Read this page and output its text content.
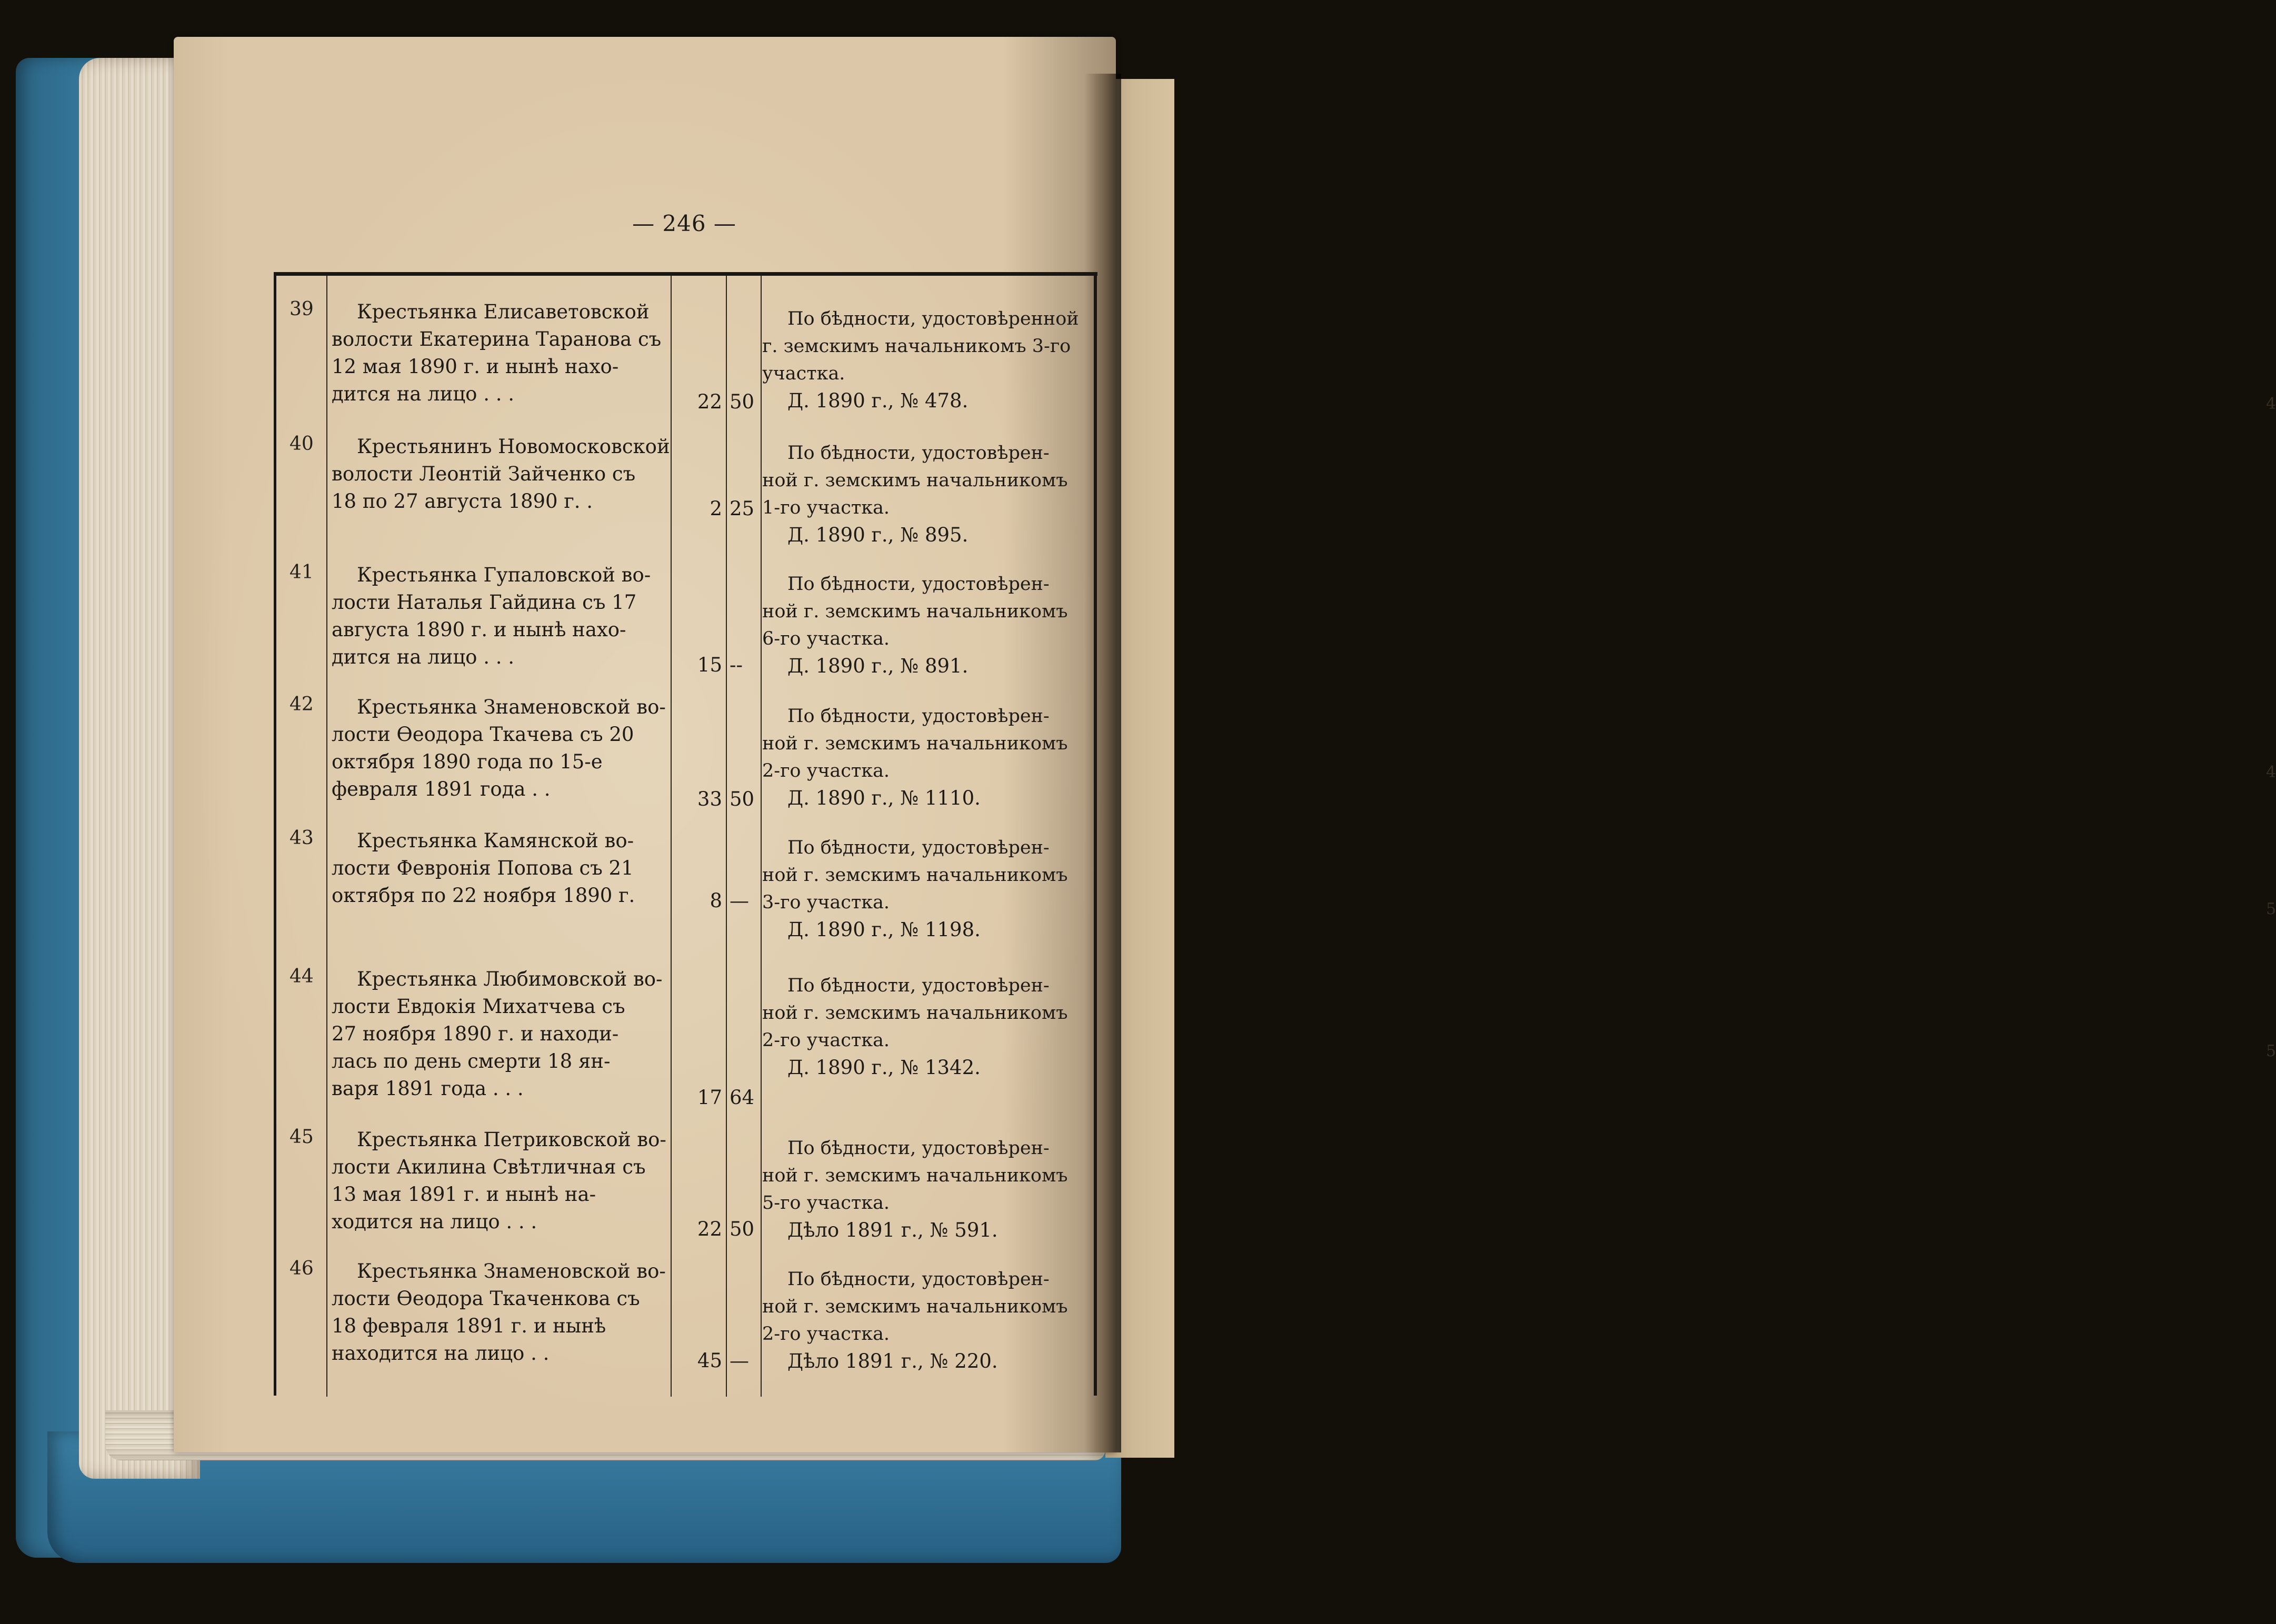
4
4
5
5
— 246 —
39	Крестьянка Елисаветовской
волости Екатерина Таранова съ
12 мая 1890 г. и нынѣ нахо-
дится на лицо . . .	22 50
По бѣдности, удостовѣренной
г. земскимъ начальникомъ 3-го
участка.
Д. 1890 г., № 478.
40	Крестьянинъ Новомосковской
волости Леонтій Зайченко съ
18 по 27 августа 1890 г. .	2 25
По бѣдности, удостовѣрен-
ной г. земскимъ начальникомъ
1-го участка.
Д. 1890 г., № 895.
41	Крестьянка Гупаловской во-
лости Наталья Гайдина съ 17
августа 1890 г. и нынѣ нахо-
дится на лицо . . .	15 --
По бѣдности, удостовѣрен-
ной г. земскимъ начальникомъ
6-го участка.
Д. 1890 г., № 891.
42	Крестьянка Знаменовской во-
лости Өеодора Ткачева съ 20
октября 1890 года по 15-е
февраля 1891 года . .	33 50
По бѣдности, удостовѣрен-
ной г. земскимъ начальникомъ
2-го участка.
Д. 1890 г., № 1110.
43	Крестьянка Камянской во-
лости Февронія Попова съ 21
октября по 22 ноября 1890 г.	8 —
По бѣдности, удостовѣрен-
ной г. земскимъ начальникомъ
3-го участка.
Д. 1890 г., № 1198.
44	Крестьянка Любимовской во-
лости Евдокія Михатчева съ
27 ноября 1890 г. и находи-
лась по день смерти 18 ян-
варя 1891 года . . .	17 64
По бѣдности, удостовѣрен-
ной г. земскимъ начальникомъ
2-го участка.
Д. 1890 г., № 1342.
45	Крестьянка Петриковской во-
лости Акилина Свѣтличная съ
13 мая 1891 г. и нынѣ на-
ходится на лицо . . .	22 50
По бѣдности, удостовѣрен-
ной г. земскимъ начальникомъ
5-го участка.
Дѣло 1891 г., № 591.
46	Крестьянка Знаменовской во-
лости Өеодора Ткаченкова съ
18 февраля 1891 г. и нынѣ
находится на лицо . .	45 —
По бѣдности, удостовѣрен-
ной г. земскимъ начальникомъ
2-го участка.
Дѣло 1891 г., № 220.
